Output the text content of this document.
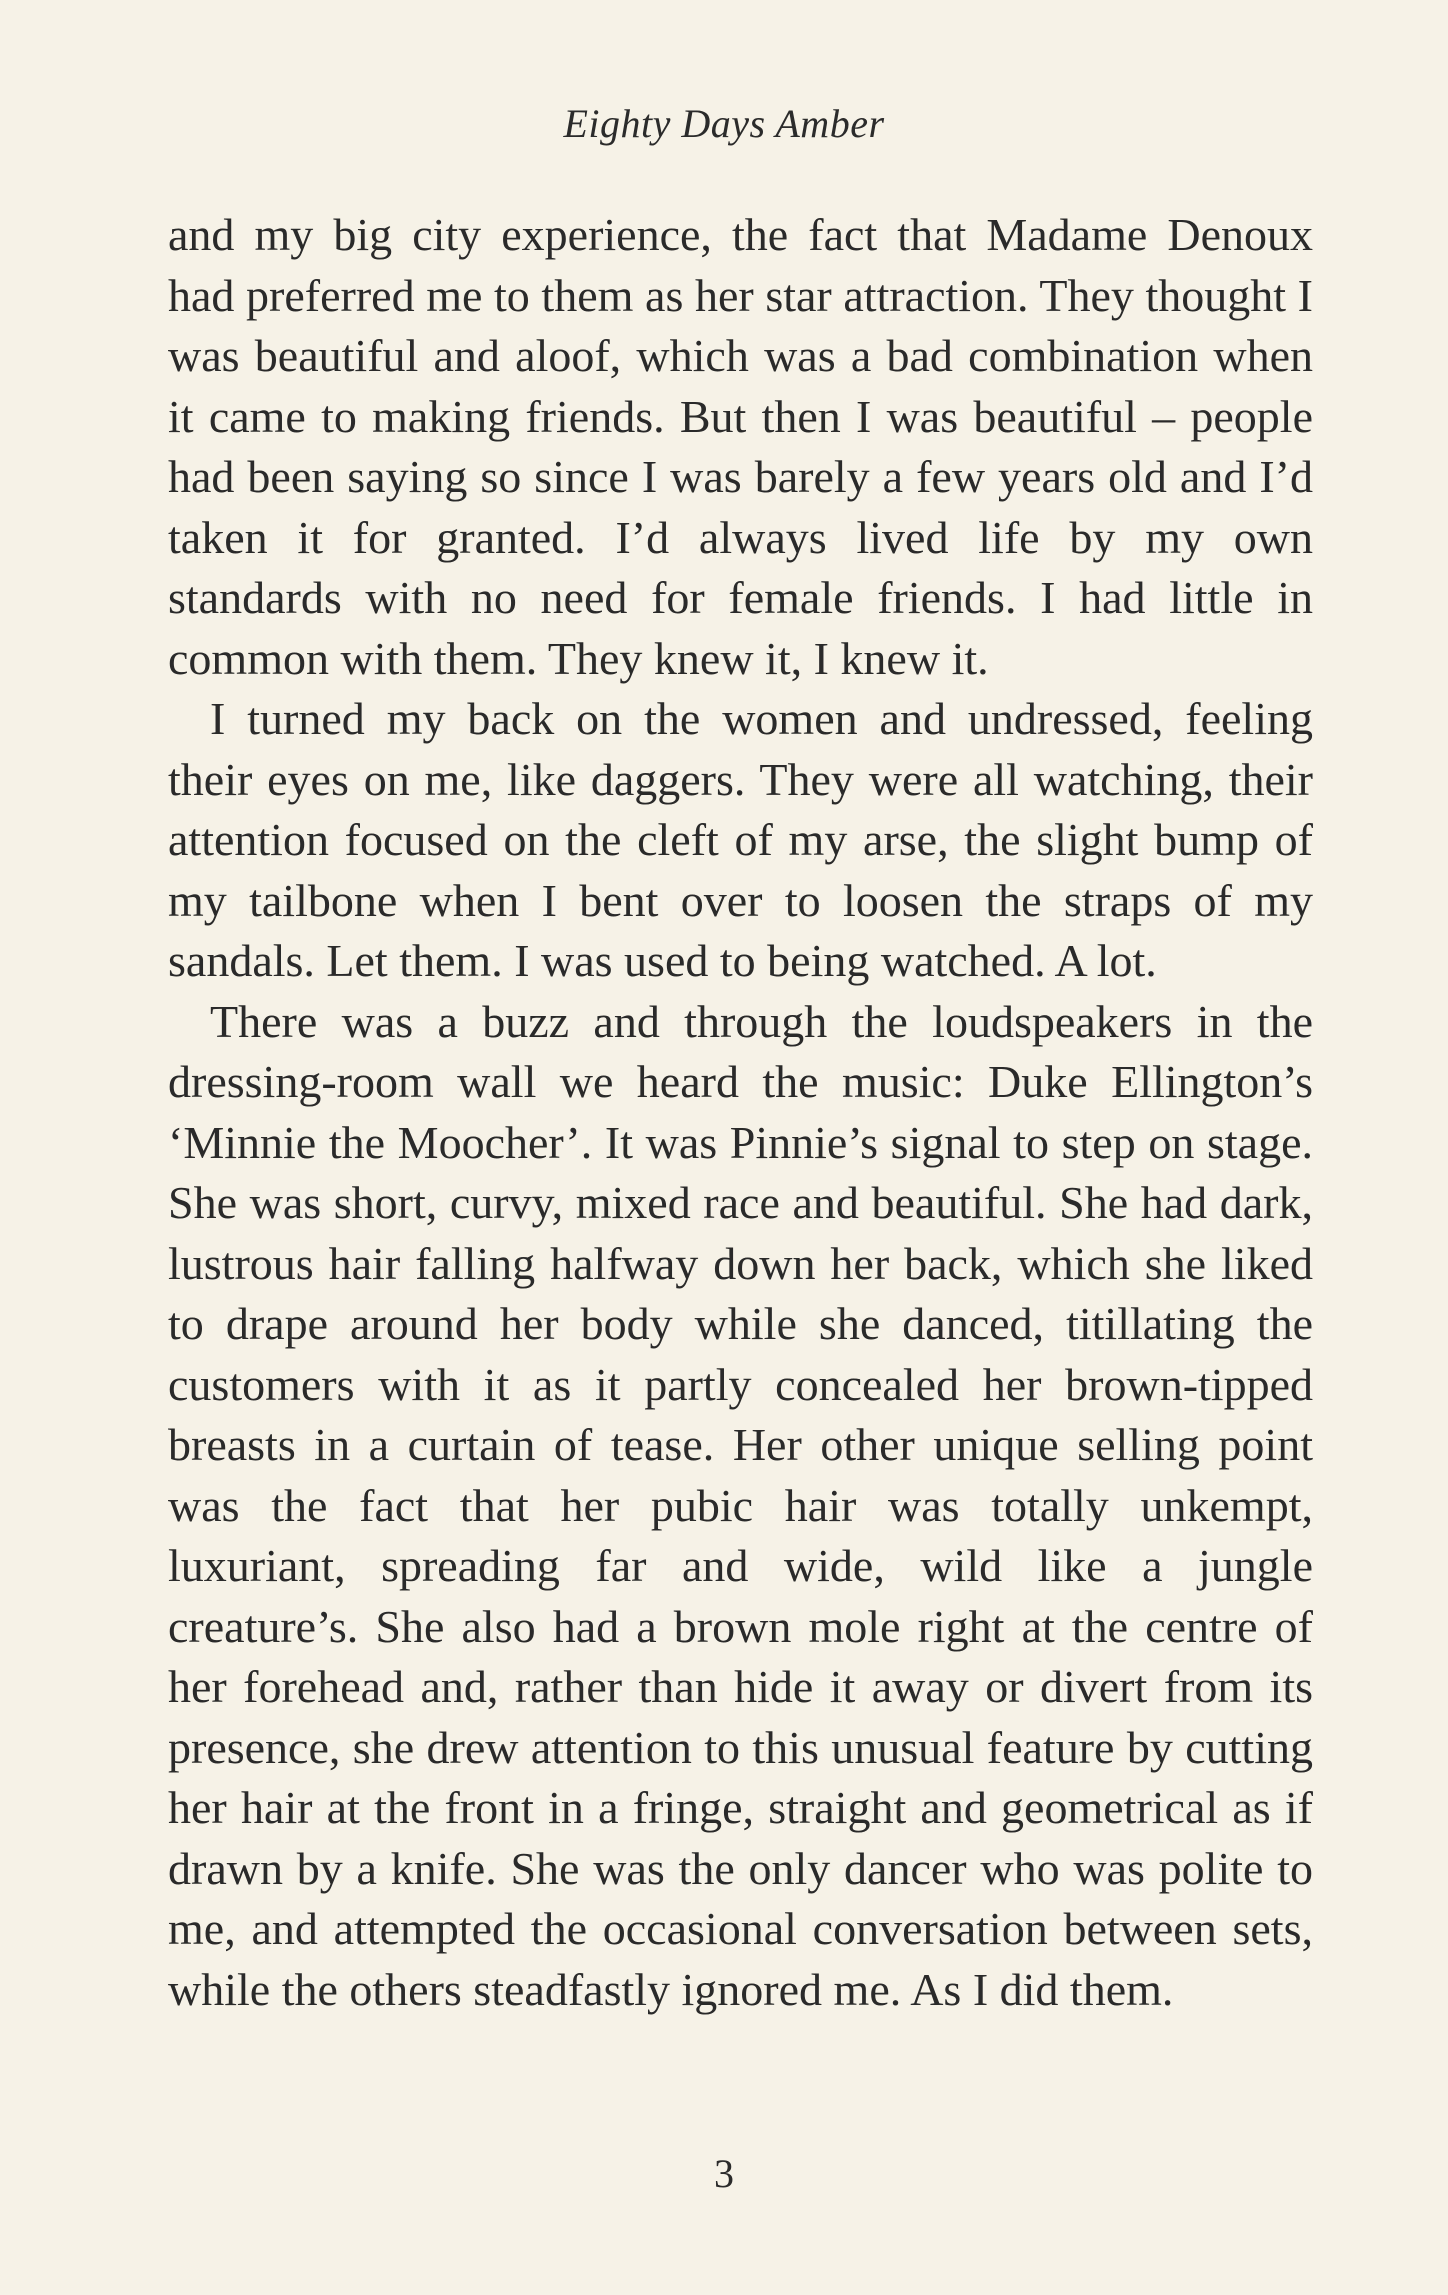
Eighty Days Amber

and my big city experience, the fact that Madame Denoux had preferred me to them as her star attraction. They thought I was beautiful and aloof, which was a bad combination when it came to making friends. But then I was beautiful – people had been saying so since I was barely a few years old and I’d taken it for granted. I’d always lived life by my own standards with no need for female friends. I had little in common with them. They knew it, I knew it.

I turned my back on the women and undressed, feeling their eyes on me, like daggers. They were all watching, their attention focused on the cleft of my arse, the slight bump of my tailbone when I bent over to loosen the straps of my sandals. Let them. I was used to being watched. A lot.

There was a buzz and through the loudspeakers in the dressing-room wall we heard the music: Duke Ellington’s ‘Minnie the Moocher’. It was Pinnie’s signal to step on stage. She was short, curvy, mixed race and beautiful. She had dark, lustrous hair falling halfway down her back, which she liked to drape around her body while she danced, titillating the customers with it as it partly concealed her brown-tipped breasts in a curtain of tease. Her other unique selling point was the fact that her pubic hair was totally unkempt, luxuriant, spreading far and wide, wild like a jungle creature’s. She also had a brown mole right at the centre of her forehead and, rather than hide it away or divert from its presence, she drew attention to this unusual feature by cutting her hair at the front in a fringe, straight and geometrical as if drawn by a knife. She was the only dancer who was polite to me, and attempted the occasional conversation between sets, while the others steadfastly ignored me. As I did them.

3
